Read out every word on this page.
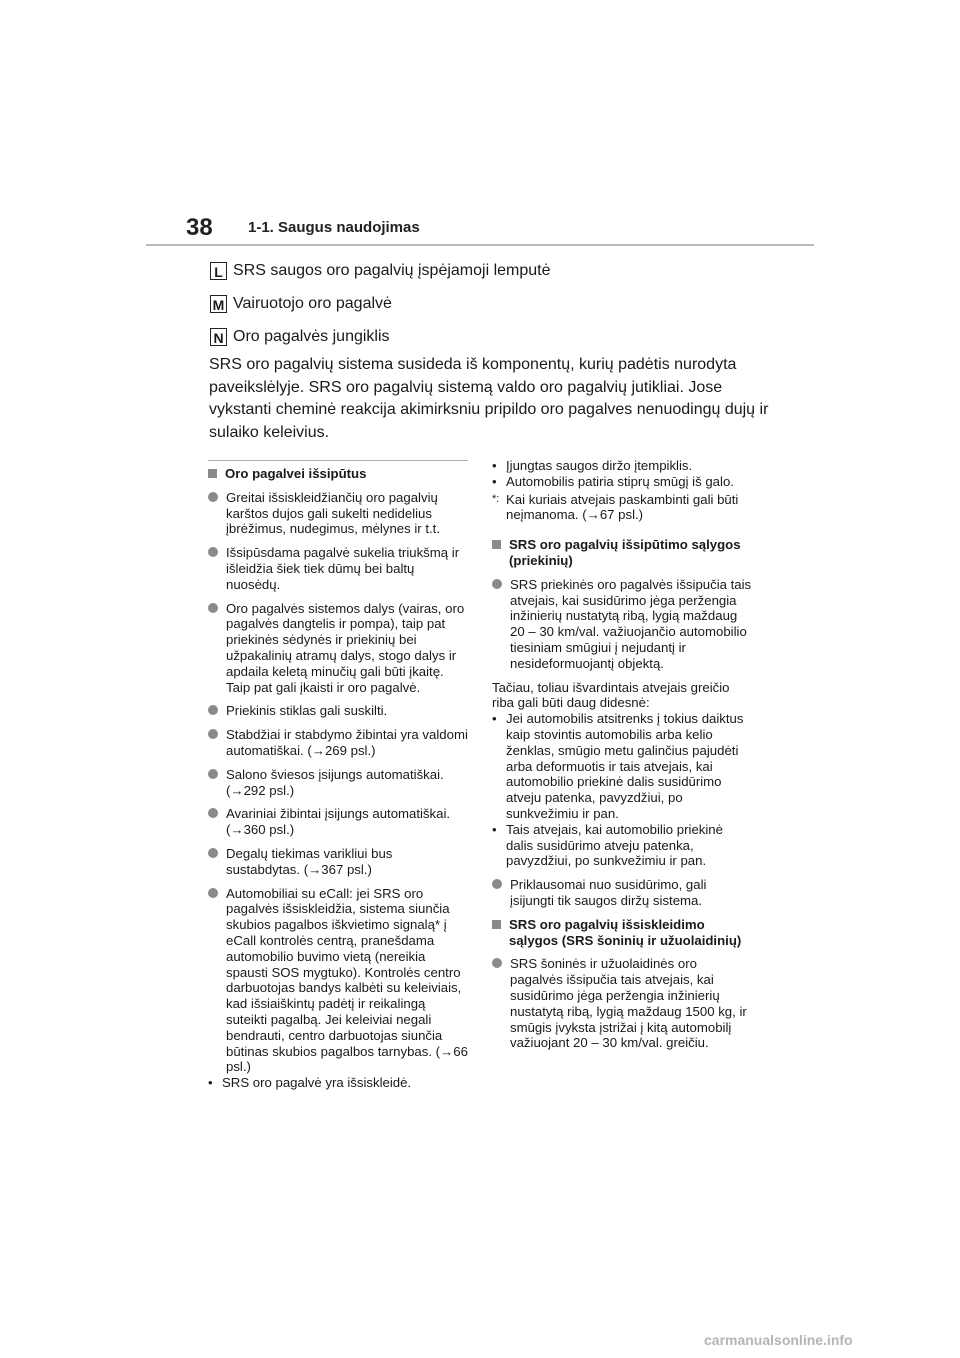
38 1-1. Saugus naudojimas
L SRS saugos oro pagalvių įspėjamoji lemputė
M Vairuotojo oro pagalvė
N Oro pagalvės jungiklis
SRS oro pagalvių sistema susideda iš komponentų, kurių padėtis nurodyta paveikslėlyje. SRS oro pagalvių sistemą valdo oro pagalvių jutikliai. Jose vykstanti cheminė reakcija akimirksniu pripildo oro pagalves nenuodingų dujų ir sulaiko keleivius.
Oro pagalvei išsipūtus
Greitai išsiskleidžiančių oro pagalvių karštos dujos gali sukelti nedidelius įbrėžimus, nudegimus, mėlynes ir t.t.
Išsipūsdama pagalvė sukelia triukšmą ir išleidžia šiek tiek dūmų bei baltų nuosėdų.
Oro pagalvės sistemos dalys (vairas, oro pagalvės dangtelis ir pompa), taip pat priekinės sėdynės ir priekinių bei užpakalinių atramų dalys, stogo dalys ir apdaila keletą minučių gali būti įkaitę. Taip pat gali įkaisti ir oro pagalvė.
Priekinis stiklas gali suskilti.
Stabdžiai ir stabdymo žibintai yra valdomi automatiškai. (→269 psl.)
Salono šviesos įsijungs automatiškai. (→292 psl.)
Avariniai žibintai įsijungs automatiškai. (→360 psl.)
Degalų tiekimas varikliui bus sustabdytas. (→367 psl.)
Automobiliai su eCall: jei SRS oro pagalvės išsiskleidžia, sistema siunčia skubios pagalbos iškvietimo signalą* į eCall kontrolės centrą, pranešdama automobilio buvimo vietą (nereikia spausti SOS mygtuko). Kontrolės centro darbuotojas bandys kalbėti su keleiviais, kad išsiaiškintų padėtį ir reikalingą suteikti pagalbą. Jei keleiviai negali bendrauti, centro darbuotojas siunčia būtinas skubios pagalbos tarnybas. (→66 psl.)
• SRS oro pagalvė yra išsiskleidė.
• Įjungtas saugos diržo įtempiklis.
• Automobilis patiria stiprų smūgį iš galo.
*: Kai kuriais atvejais paskambinti gali būti neįmanoma. (→67 psl.)
SRS oro pagalvių išsipūtimo sąlygos (priekinių)
SRS priekinės oro pagalvės išsipučia tais atvejais, kai susidūrimo jėga peržengia inžinierių nustatytą ribą, lygią maždaug 20 – 30 km/val. važiuojančio automobilio tiesiniam smūgiui į nejudantį ir nesideformuojantį objektą.
Tačiau, toliau išvardintais atvejais greičio riba gali būti daug didesnė:
• Jei automobilis atsitrenks į tokius daiktus kaip stovintis automobilis arba kelio ženklas, smūgio metu galinčius pajudėti arba deformuotis ir tais atvejais, kai automobilio priekinė dalis susidūrimo atveju patenka, pavyzdžiui, po sunkvežimiu ir pan.
• Tais atvejais, kai automobilio priekinė dalis susidūrimo atveju patenka, pavyzdžiui, po sunkvežimiu ir pan.
Priklausomai nuo susidūrimo, gali įsijungti tik saugos diržų sistema.
SRS oro pagalvių išsiskleidimo sąlygos (SRS šoninių ir užuolaidinių)
SRS šoninės ir užuolaidinės oro pagalvės išsipučia tais atvejais, kai susidūrimo jėga peržengia inžinierių nustatytą ribą, lygią maždaug 1500 kg, ir smūgis įvyksta įstrižai į kitą automobilį važiuojant 20 – 30 km/val. greičiu.
carmanualsonline.info
